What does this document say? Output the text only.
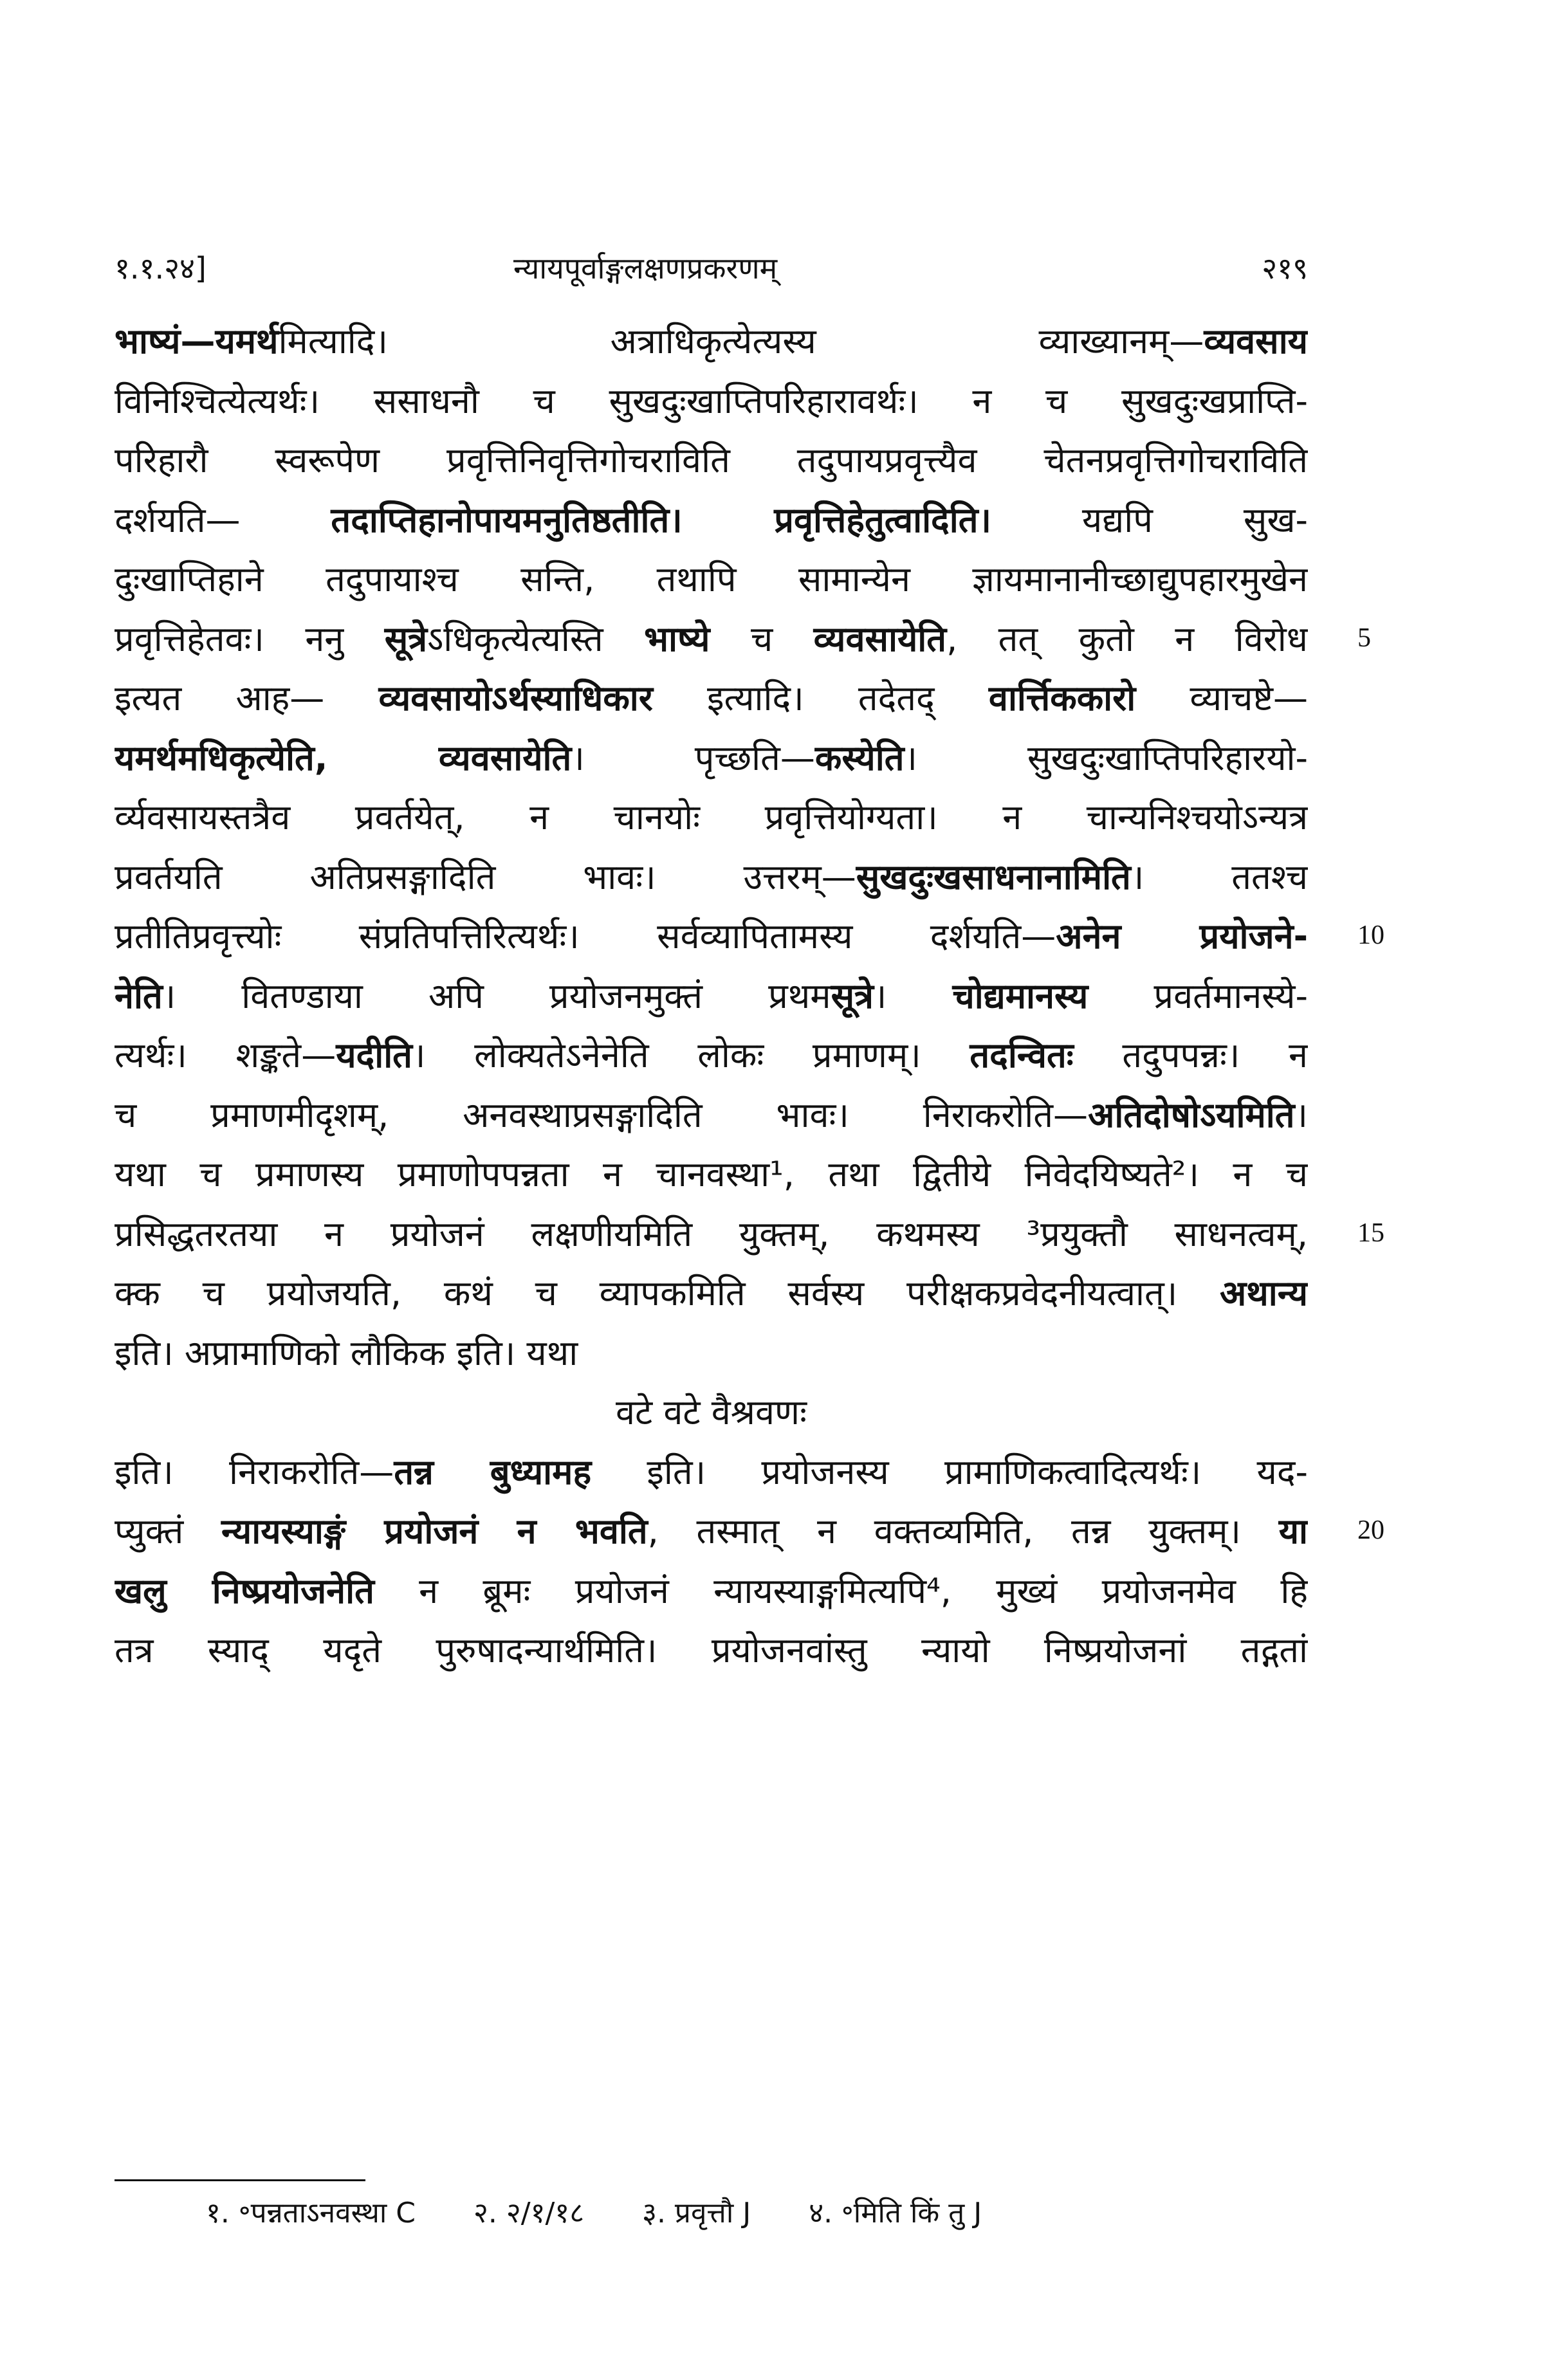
१.१.२४]	न्यायपूर्वाङ्गलक्षणप्रकरणम्	२१९
भाष्यं—यमर्थमित्यादि। अत्राधिकृत्येत्यस्य व्याख्यानम्—व्यवसाय
विनिश्चित्येत्यर्थः। ससाधनौ च सुखदुःखाप्तिपरिहारावर्थः। न च सुखदुःखप्राप्ति-
परिहारौ स्वरूपेण प्रवृत्तिनिवृत्तिगोचराविति तदुपायप्रवृत्त्यैव चेतनप्रवृत्तिगोचराविति
दर्शयति— तदाप्तिहानोपायमनुतिष्ठतीति। प्रवृत्तिहेतुत्वादिति। यद्यपि सुख-
दुःखाप्तिहाने तदुपायाश्च सन्ति, तथापि सामान्येन ज्ञायमानानीच्छाद्युपहारमुखेन
प्रवृत्तिहेतवः। ननु सूत्रेऽधिकृत्येत्यस्ति भाष्ये च व्यवसायेति, तत् कुतो न विरोध
इत्यत आह— व्यवसायोऽर्थस्याधिकार इत्यादि। तदेतद् वार्त्तिककारो व्याचष्टे—
यमर्थमधिकृत्येति, व्यवसायेति। पृच्छति—कस्येति। सुखदुःखाप्तिपरिहारयो-
र्व्यवसायस्तत्रैव प्रवर्तयेत्, न चानयोः प्रवृत्तियोग्यता। न चान्यनिश्चयोऽन्यत्र
प्रवर्तयति अतिप्रसङ्गादिति भावः। उत्तरम्—सुखदुःखसाधनानामिति। ततश्च
प्रतीतिप्रवृत्त्योः संप्रतिपत्तिरित्यर्थः। सर्वव्यापितामस्य दर्शयति—अनेन प्रयोजने-
नेति। वितण्डाया अपि प्रयोजनमुक्तं प्रथमसूत्रे। चोद्यमानस्य प्रवर्तमानस्ये-
त्यर्थः। शङ्कते—यदीति। लोक्यतेऽनेनेति लोकः प्रमाणम्। तदन्वितः तदुपपन्नः। न
च प्रमाणमीदृशम्, अनवस्थाप्रसङ्गादिति भावः। निराकरोति—अतिदोषोऽयमिति।
यथा च प्रमाणस्य प्रमाणोपपन्नता न चानवस्था¹, तथा द्वितीये निवेदयिष्यते²। न च
प्रसिद्धतरतया न प्रयोजनं लक्षणीयमिति युक्तम्, कथमस्य ³प्रयुक्तौ साधनत्वम्,
क्क च प्रयोजयति, कथं च व्यापकमिति सर्वस्य परीक्षकप्रवेदनीयत्वात्। अथान्य
इति। अप्रामाणिको लौकिक इति। यथा
वटे वटे वैश्रवणः
इति। निराकरोति—तन्न बुध्यामह इति। प्रयोजनस्य प्रामाणिकत्वादित्यर्थः। यद-
प्युक्तं न्यायस्याङ्गं प्रयोजनं न भवति, तस्मात् न वक्तव्यमिति, तन्न युक्तम्। या
खलु निष्प्रयोजनेति न ब्रूमः प्रयोजनं न्यायस्याङ्गमित्यपि⁴, मुख्यं प्रयोजनमेव हि
तत्र स्याद् यदृते पुरुषादन्यार्थमिति। प्रयोजनवांस्तु न्यायो निष्प्रयोजनां तद्गतां
5
10
15
20
१. ॰पन्नताऽनवस्था C २. २/१/१८ ३. प्रवृत्तौ J ४. ॰मिति किं तु J
